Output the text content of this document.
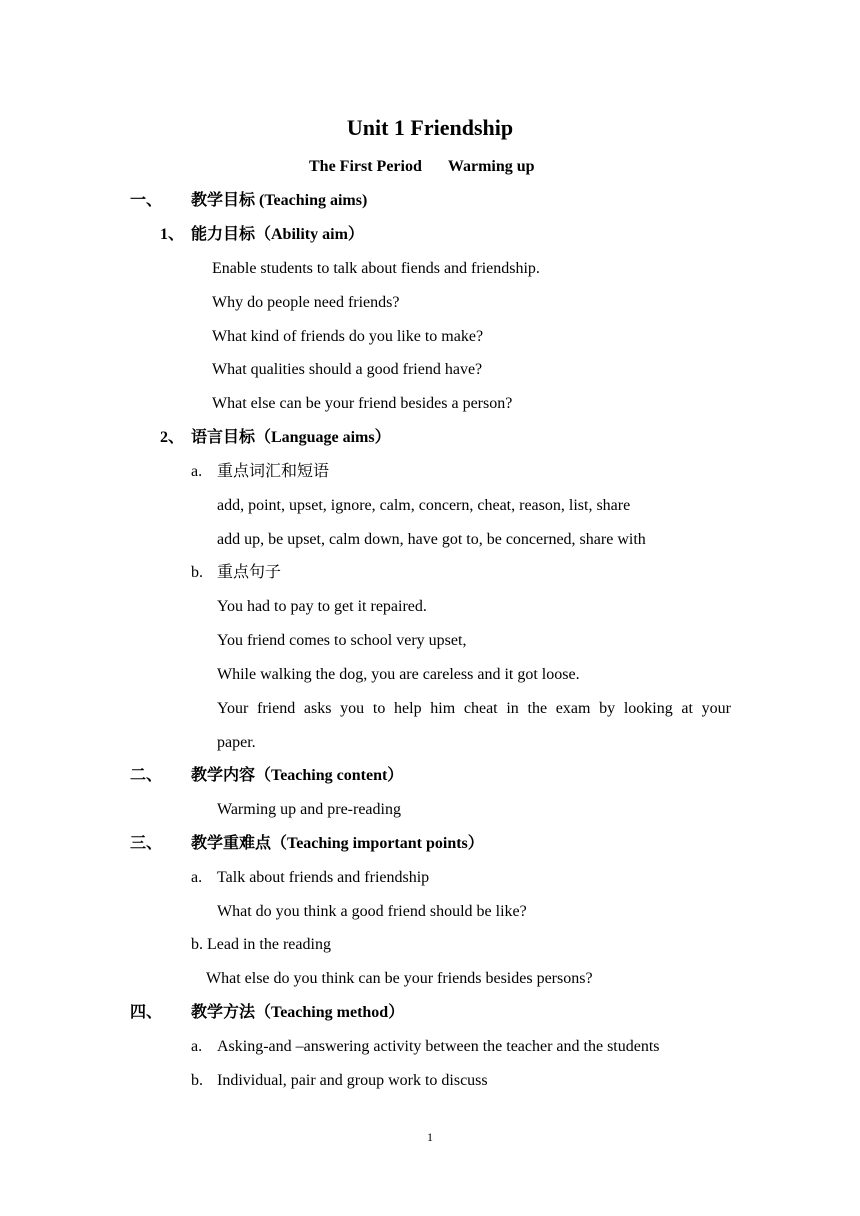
Unit 1 Friendship
The First Period Warming up
一、 教学目标 (Teaching aims)
1、 能力目标（Ability aim）
Enable students to talk about fiends and friendship.
Why do people need friends?
What kind of friends do you like to make?
What qualities should a good friend have?
What else can be your friend besides a person?
2、 语言目标（Language aims）
a. 重点词汇和短语
add, point, upset, ignore, calm, concern, cheat, reason, list, share
add up, be upset, calm down, have got to, be concerned, share with
b. 重点句子
You had to pay to get it repaired.
You friend comes to school very upset,
While walking the dog, you are careless and it got loose.
Your friend asks you to help him cheat in the exam by looking at your
paper.
二、 教学内容（Teaching content）
Warming up and pre-reading
三、 教学重难点（Teaching important points）
a. Talk about friends and friendship
What do you think a good friend should be like?
b. Lead in the reading
What else do you think can be your friends besides persons?
四、 教学方法（Teaching method）
a. Asking-and –answering activity between the teacher and the students
b. Individual, pair and group work to discuss
1
